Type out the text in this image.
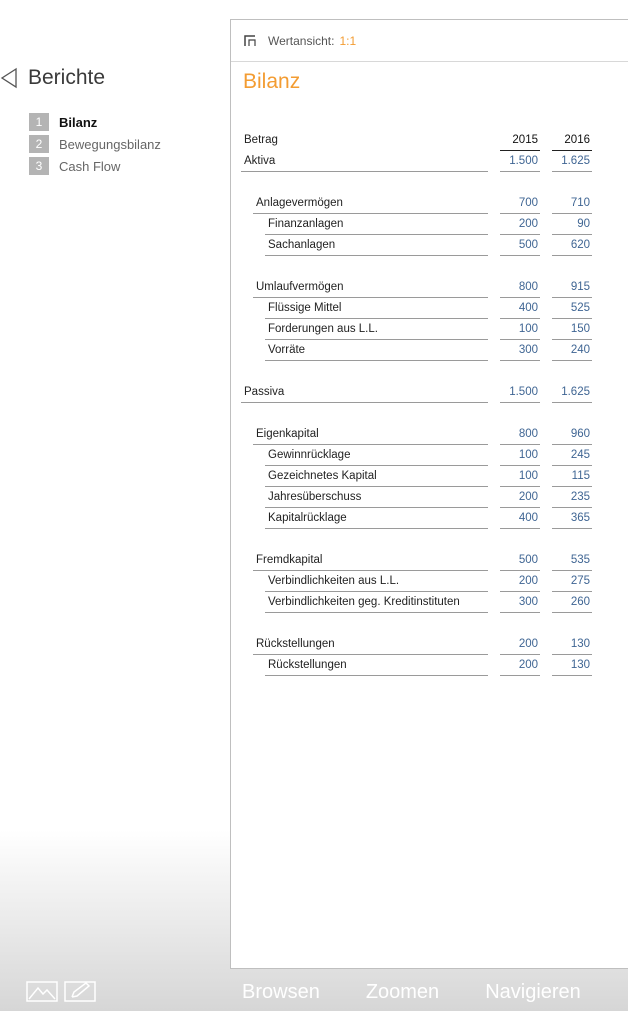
Berichte
1	Bilanz
2	Bewegungsbilanz
3	Cash Flow
Wertansicht: 1:1
Bilanz
Betrag	2015	2016
Aktiva	1.500	1.625
Anlagevermögen	700	710
Finanzanlagen	200	90
Sachanlagen	500	620
Umlaufvermögen	800	915
Flüssige Mittel	400	525
Forderungen aus L.L.	100	150
Vorräte	300	240
Passiva	1.500	1.625
Eigenkapital	800	960
Gewinnrücklage	100	245
Gezeichnetes Kapital	100	115
Jahresüberschuss	200	235
Kapitalrücklage	400	365
Fremdkapital	500	535
Verbindlichkeiten aus L.L.	200	275
Verbindlichkeiten geg. Kreditinstituten	300	260
Rückstellungen	200	130
Rückstellungen	200	130
Browsen Zoomen Navigieren
